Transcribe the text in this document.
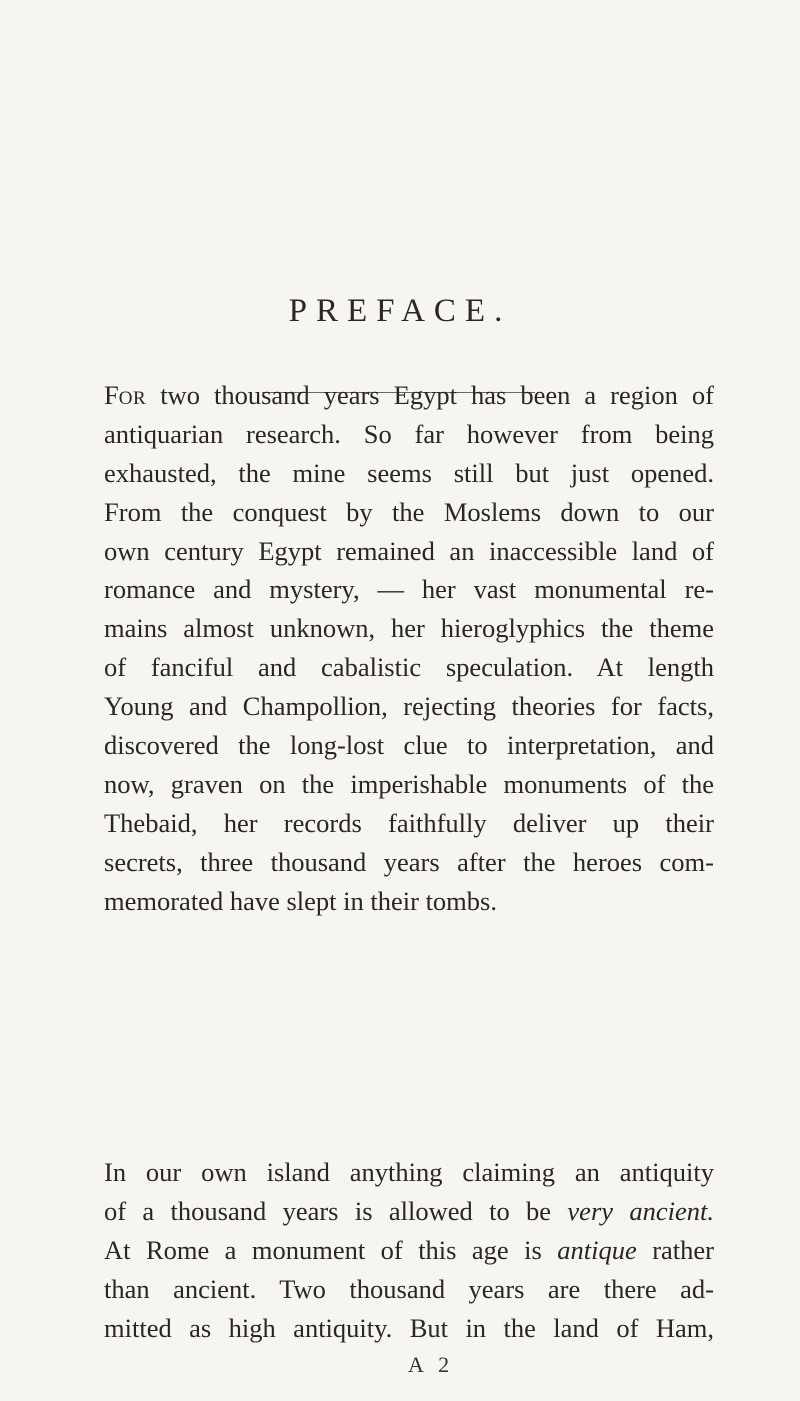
PREFACE.
FOR two thousand years Egypt has been a region of
antiquarian research. So far however from being
exhausted, the mine seems still but just opened.
From the conquest by the Moslems down to our
own century Egypt remained an inaccessible land of
romance and mystery, — her vast monumental re-
mains almost unknown, her hieroglyphics the theme
of fanciful and cabalistic speculation. At length
Young and Champollion, rejecting theories for facts,
discovered the long-lost clue to interpretation, and
now, graven on the imperishable monuments of the
Thebaid, her records faithfully deliver up their
secrets, three thousand years after the heroes com-
memorated have slept in their tombs.
In our own island anything claiming an antiquity
of a thousand years is allowed to be very ancient.
At Rome a monument of this age is antique rather
than ancient. Two thousand years are there ad-
mitted as high antiquity. But in the land of Ham,
A 2
